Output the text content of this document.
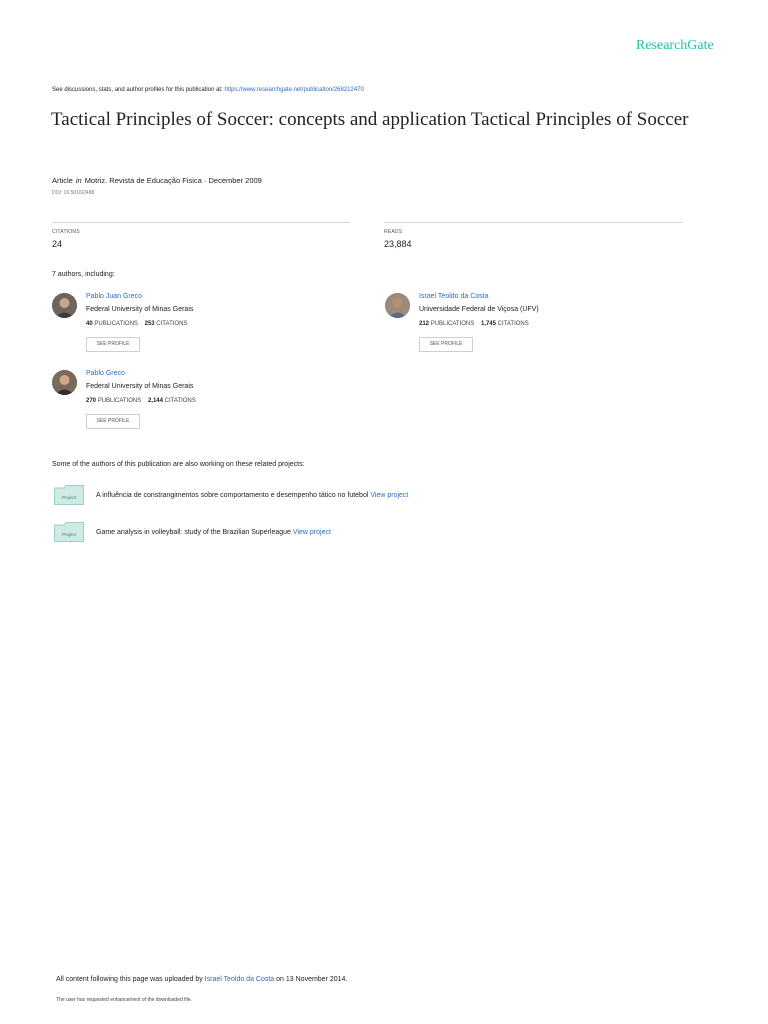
ResearchGate
See discussions, stats, and author profiles for this publication at: https://www.researchgate.net/publication/268212470
Tactical Principles of Soccer: concepts and application Tactical Principles of Soccer
Article in Motriz. Revista de Educação Fisica · December 2009
DOI: 10.5016/2488
CITATIONS
24
READS
23,884
7 authors, including:
Pablo Juan Greco
Federal University of Minas Gerais
40 PUBLICATIONS 253 CITATIONS
SEE PROFILE
Israel Teoldo da Costa
Universidade Federal de Viçosa (UFV)
212 PUBLICATIONS 1,745 CITATIONS
SEE PROFILE
Pablo Greco
Federal University of Minas Gerais
270 PUBLICATIONS 2,144 CITATIONS
SEE PROFILE
Some of the authors of this publication are also working on these related projects:
Project	A influência de constrangimentos sobre comportamento e desempenho tático no futebol View project
Project	Game analysis in volleyball: study of the Brazilian Superleague View project
All content following this page was uploaded by Israel Teoldo da Costa on 13 November 2014.
The user has requested enhancement of the downloaded file.
